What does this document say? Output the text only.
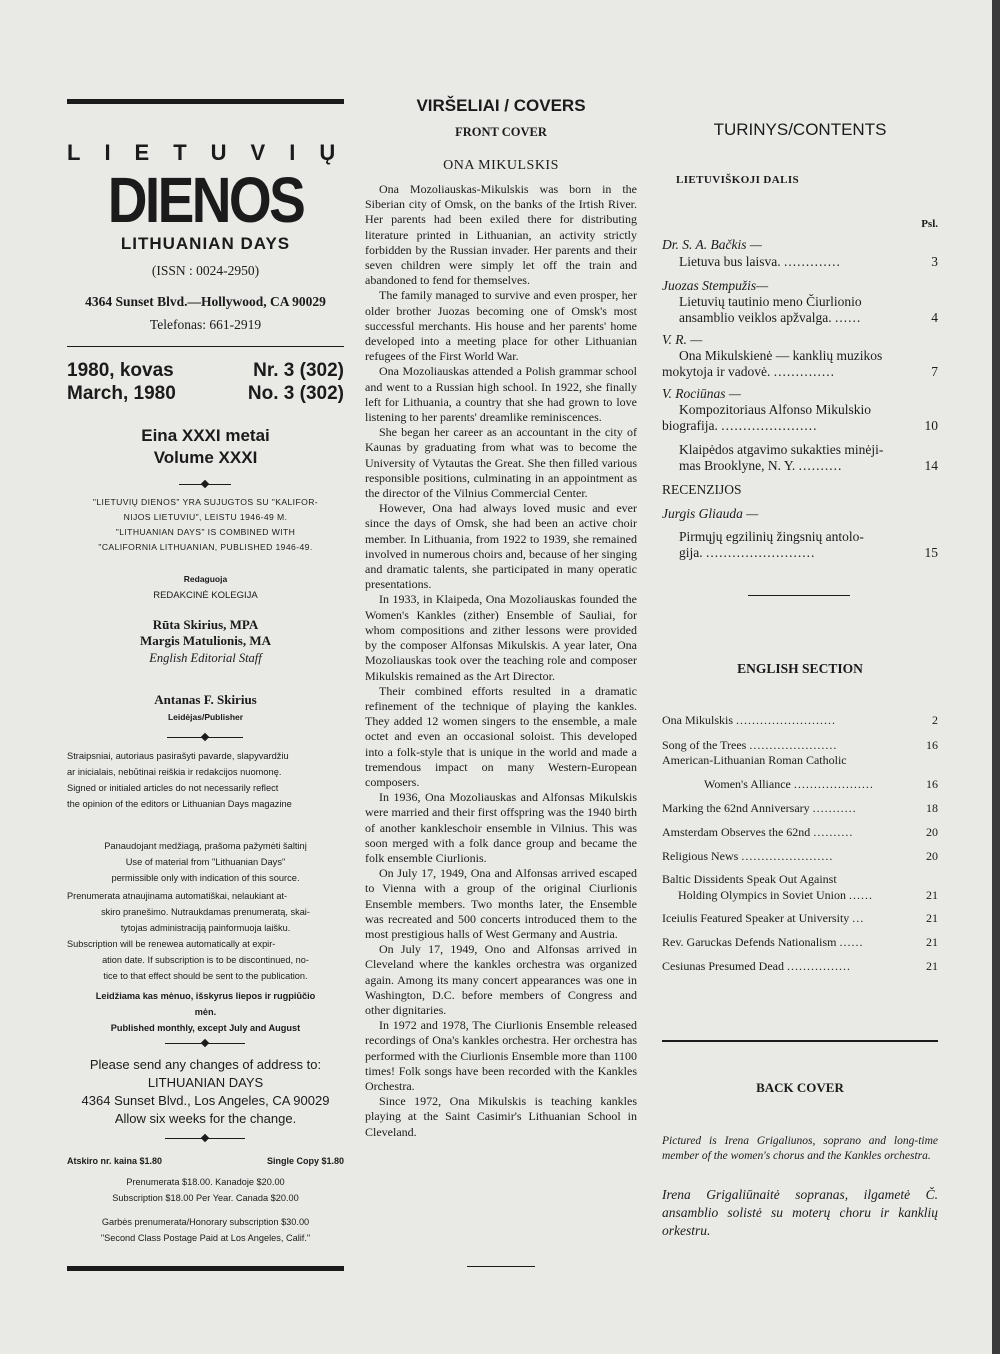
LIETUVIŲ
DIENOS
LITHUANIAN DAYS
(ISSN : 0024-2950)
4364 Sunset Blvd.—Hollywood, CA 90029
Telefonas: 661-2919
1980, kovas	Nr. 3 (302)
March, 1980	No. 3 (302)
Eina XXXI metai
Volume XXXI
"LIETUVIŲ DIENOS" YRA SUJUGTOS SU "KALIFOR-
NIJOS LIETUVIU", LEISTU 1946-49 M.
"LITHUANIAN DAYS" IS COMBINED WITH
"CALIFORNIA LITHUANIAN, PUBLISHED 1946-49.
Redaguoja
REDAKCINĖ KOLEGIJA
Rūta Skirius, MPA
Margis Matulionis, MA
English Editorial Staff
Antanas F. Skirius
Leidėjas/Publisher
Straipsniai, autoriaus pasirašyti pavarde, slapyvardžiu
ar inicialais, nebūtinai reiškia ir redakcijos nuomonę.
Signed or initialed articles do not necessarily reflect
the opinion of the editors or Lithuanian Days magazine
Panaudojant medžiagą, prašoma pažymėti šaltinį
Use of material from "Lithuanian Days"
permissible only with indication of this source.
Prenumerata atnaujinama automatiškai, nelaukiant at-
skiro pranešimo. Nutraukdamas prenumeratą, skai-
tytojas administraciją painformuoja laišku.
Subscription will be renewea automatically at expir-
ation date. If subscription is to be discontinued, no-
tice to that effect should be sent to the publication.
Leidžiama kas mėnuo, išskyrus liepos ir rugpiūčio
mėn.
Published monthly, except July and August
Please send any changes of address to:
LITHUANIAN DAYS
4364 Sunset Blvd., Los Angeles, CA 90029
Allow six weeks for the change.
Atskiro nr. kaina $1.80	Single Copy $1.80
Prenumerata $18.00. Kanadoje $20.00
Subscription $18.00 Per Year. Canada $20.00
Garbės prenumerata/Honorary subscription $30.00
"Second Class Postage Paid at Los Angeles, Calif."
VIRŠELIAI / COVERS
FRONT COVER
ONA MIKULSKIS

Ona Mozoliauskas-Mikulskis was born in the Siberian city of Omsk, on the banks of the Irtish River. Her parents had been exiled there for distributing literature printed in Lithuanian, an activity strictly forbidden by the Russian invader. Her parents and their seven children were simply let off the train and abandoned to fend for themselves.

The family managed to survive and even prosper, her older brother Juozas becoming one of Omsk's most successful merchants. His house and her parents' home developed into a meeting place for other Lithuanian refugees of the First World War.

Ona Mozoliauskas attended a Polish grammar school and went to a Russian high school. In 1922, she finally left for Lithuania, a country that she had grown to love listening to her parents' dreamlike reminiscences.

She began her career as an accountant in the city of Kaunas by graduating from what was to become the University of Vytautas the Great. She then filled various responsible positions, culminating in an appointment as the director of the Vilnius Commercial Center.

However, Ona had always loved music and ever since the days of Omsk, she had been an active choir member. In Lithuania, from 1922 to 1939, she remained involved in numerous choirs and, because of her singing and dramatic talents, she participated in many operatic presentations.

In 1933, in Klaipeda, Ona Mozoliauskas founded the Women's Kankles (zither) Ensemble of Sauliai, for whom compositions and zither lessons were provided by the composer Alfonsas Mikulskis. A year later, Ona Mozoliauskas took over the teaching role and composer Mikulskis remained as the Art Director.

Their combined efforts resulted in a dramatic refinement of the technique of playing the kankles. They added 12 women singers to the ensemble, a male octet and even an occasional soloist. This developed into a folk-style that is unique in the world and made a tremendous impact on many Western-European composers.

In 1936, Ona Mozoliauskas and Alfonsas Mikulskis were married and their first offspring was the 1940 birth of another kankleschoir ensemble in Vilnius. This was soon merged with a folk dance group and became the folk ensemble Ciurlionis.

On July 17, 1949, Ona and Alfonsas arrived escaped to Vienna with a group of the original Ciurlionis Ensemble members. Two months later, the Ensemble was recreated and 500 concerts introduced them to the most prestigious halls of West Germany and Austria.

On July 17, 1949, Ono and Alfonsas arrived in Cleveland where the kankles orchestra was organized again. Among its many concert appearances was one in Washington, D.C. before members of Congress and other dignitaries.

In 1972 and 1978, The Ciurlionis Ensemble released recordings of Ona's kankles orchestra. Her orchestra has performed with the Ciurlionis Ensemble more than 1100 times! Folk songs have been recorded with the Kankles Orchestra.

Since 1972, Ona Mikulskis is teaching kankles playing at the Saint Casimir's Lithuanian School in Cleveland.

TURINYS/CONTENTS
LIETUVIŠKOJI DALIS
Psl.
Dr. S. A. Bačkis —
Lietuva bus laisva. .............	3
Juozas Stempužis—
Lietuvių tautinio meno Čiurlionio
ansamblio veiklos apžvalga. ......	4
V. R. —
Ona Mikulskienė — kanklių muzikos
mokytoja ir vadovė. ..............	7
V. Rociūnas —
Kompozitoriaus Alfonso Mikulskio
biografija. ......................	10
Klaipėdos atgavimo sukakties minėji-
mas Brooklyne, N. Y. ..........	14
RECENZIJOS
Jurgis Gliauda —
Pirmųjų egzilinių žingsnių antolo-
gija. .........................	15
ENGLISH SECTION
Ona Mikulskis .........................	2
Song of the Trees ......................	16
American-Lithuanian Roman Catholic
Women's Alliance ....................	16
Marking the 62nd Anniversary ...........	18
Amsterdam Observes the 62nd ..........	20
Religious News .......................	20
Baltic Dissidents Speak Out Against
Holding Olympics in Soviet Union ......	21
Iceiulis Featured Speaker at University ...	21
Rev. Garuckas Defends Nationalism ......	21
Cesiunas Presumed Dead ................	21
BACK COVER
Pictured is Irena Grigaliunos, soprano and long-time member of the women's chorus and the Kankles orchestra.
Irena Grigaliūnaitė sopranas, ilgametė Č. ansamblio solistė su moterų choru ir kanklių orkestru.
